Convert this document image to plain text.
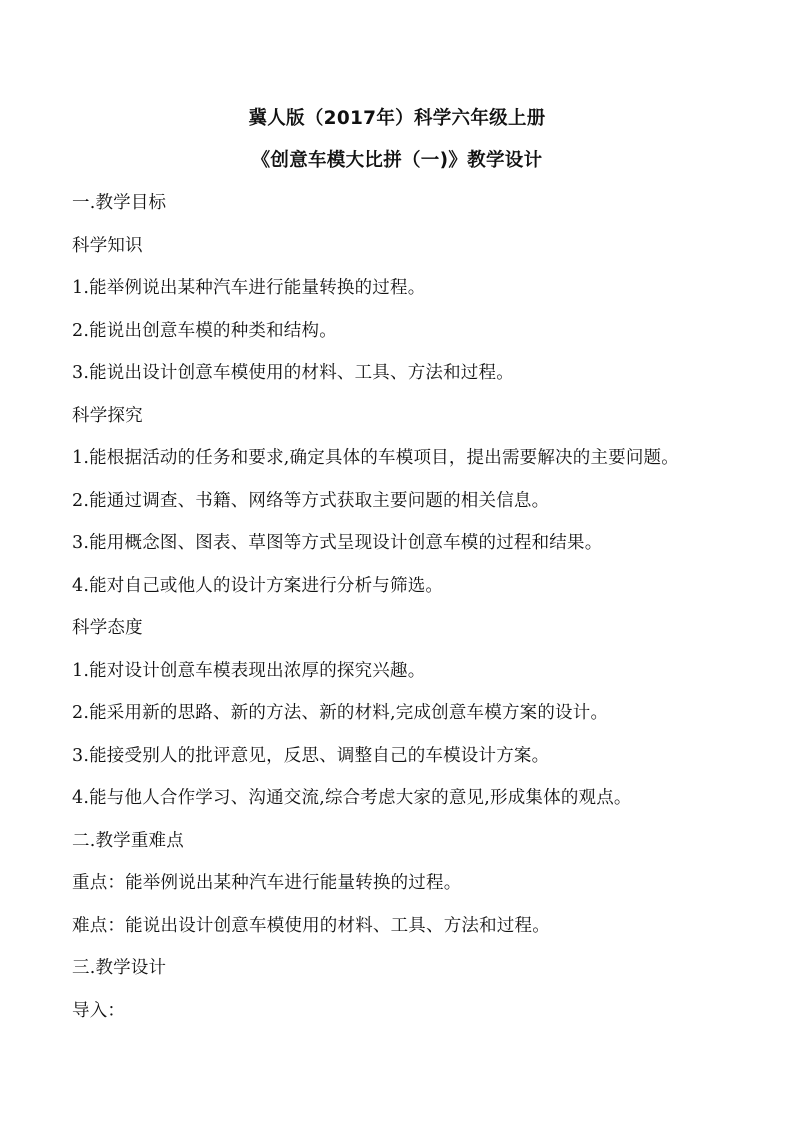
冀人版（2017年）科学六年级上册
《创意车模大比拼（一)》教学设计
一.教学目标
科学知识
1.能举例说出某种汽车进行能量转换的过程。
2.能说出创意车模的种类和结构。
3.能说出设计创意车模使用的材料、工具、方法和过程。
科学探究
1.能根据活动的任务和要求,确定具体的车模项目，提出需要解决的主要问题。
2.能通过调查、书籍、网络等方式获取主要问题的相关信息。
3.能用概念图、图表、草图等方式呈现设计创意车模的过程和结果。
4.能对自己或他人的设计方案进行分析与筛选。
科学态度
1.能对设计创意车模表现出浓厚的探究兴趣。
2.能采用新的思路、新的方法、新的材料,完成创意车模方案的设计。
3.能接受别人的批评意见，反思、调整自己的车模设计方案。
4.能与他人合作学习、沟通交流,综合考虑大家的意见,形成集体的观点。
二.教学重难点
重点：能举例说出某种汽车进行能量转换的过程。
难点：能说出设计创意车模使用的材料、工具、方法和过程。
三.教学设计
导入：
